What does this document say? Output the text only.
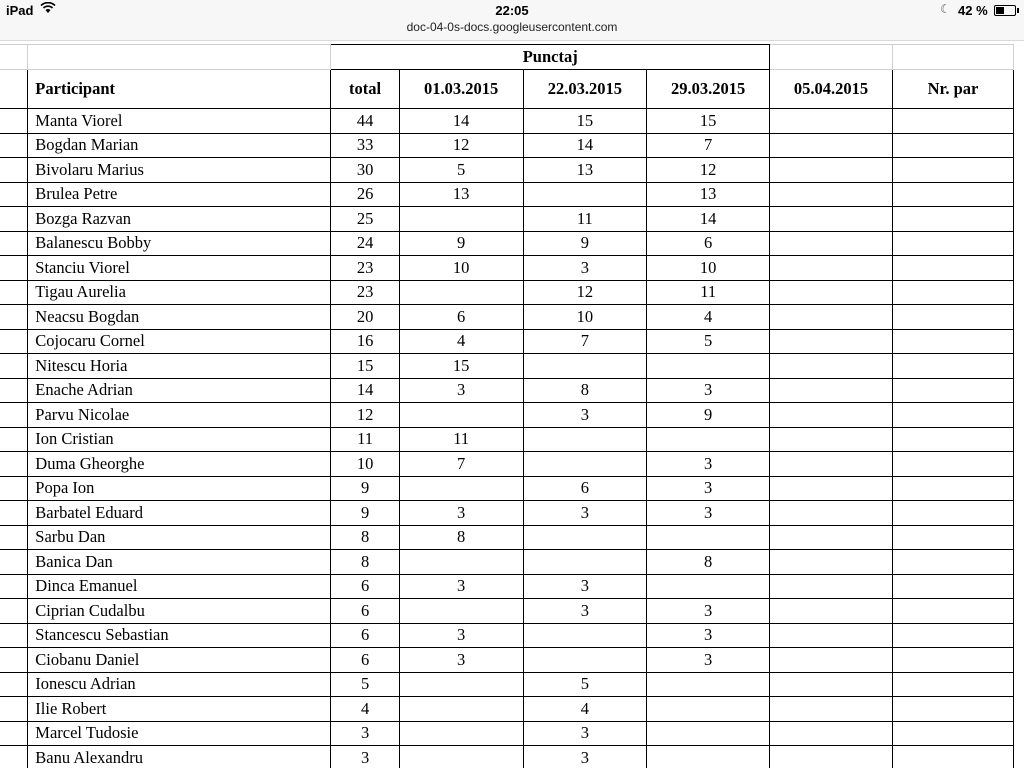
iPad	22:05
doc-04-0s-docs.googleusercontent.com
☾ 42 %
		Punctaj					
	Participant	total	01.03.2015	22.03.2015	29.03.2015	05.04.2015	Nr. par
	Manta Viorel	44	14	15	15		
	Bogdan Marian	33	12	14	7		
	Bivolaru Marius	30	5	13	12		
	Brulea Petre	26	13		13		
	Bozga Razvan	25		11	14		
	Balanescu Bobby	24	9	9	6		
	Stanciu Viorel	23	10	3	10		
	Tigau Aurelia	23		12	11		
	Neacsu Bogdan	20	6	10	4		
	Cojocaru Cornel	16	4	7	5		
	Nitescu Horia	15	15				
	Enache Adrian	14	3	8	3		
	Parvu Nicolae	12		3	9		
	Ion Cristian	11	11				
	Duma Gheorghe	10	7		3		
	Popa Ion	9		6	3		
	Barbatel Eduard	9	3	3	3		
	Sarbu Dan	8	8				
	Banica Dan	8			8		
	Dinca Emanuel	6	3	3			
	Ciprian Cudalbu	6		3	3		
	Stancescu Sebastian	6	3		3		
	Ciobanu Daniel	6	3		3		
	Ionescu Adrian	5		5			
	Ilie Robert	4		4			
	Marcel Tudosie	3		3			
	Banu Alexandru	3		3			
